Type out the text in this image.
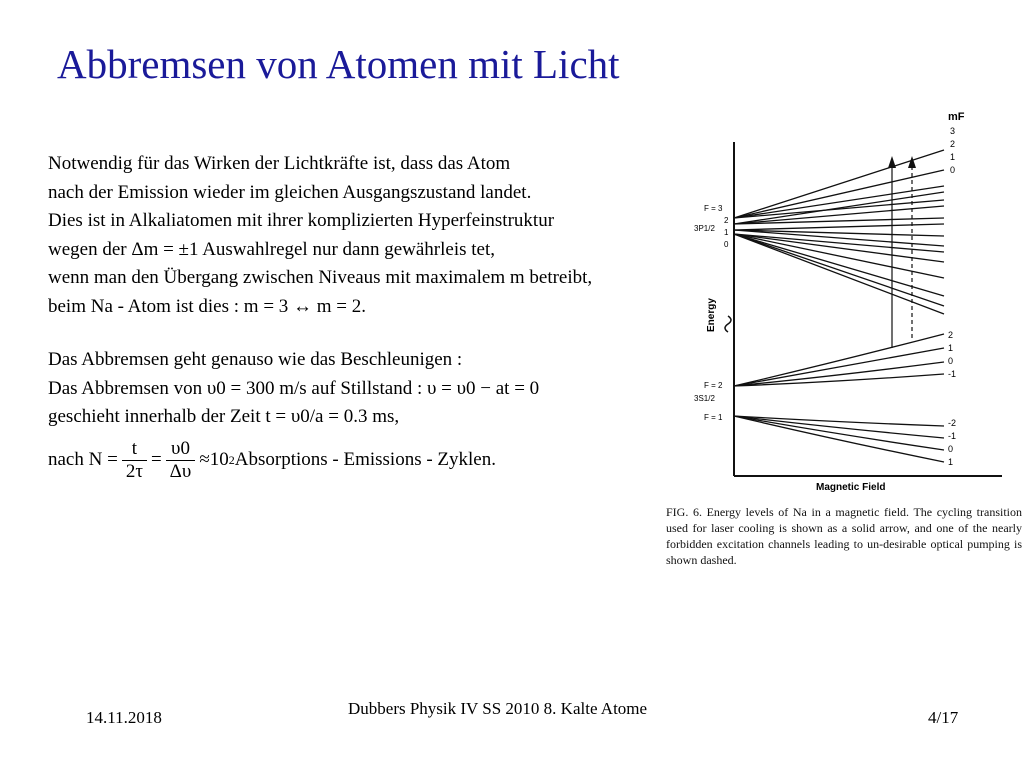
Abbremsen von Atomen mit Licht
Notwendig für das Wirken der Lichtkräfte ist, dass das Atom
nach der Emission wieder im gleichen Ausgangszustand landet.
Dies ist in Alkaliatomen mit ihrer komplizierten Hyperfeinstruktur
wegen der Δm = ±1 Auswahlregel nur dann gewährleis tet,
wenn man den Übergang zwischen Niveaus mit maximalem m betreibt,
beim Na - Atom ist dies : m = 3 ↔ m = 2.
Das Abbremsen geht genauso wie das Beschleunigen :
Das Abbremsen von υ0 = 300 m/s auf Stillstand : υ = υ0 − at = 0
geschieht innerhalb der Zeit t = υ0/a = 0.3 ms,
nach $N = \frac{t}{2\tau} = \frac{\upsilon 0}{\Delta\upsilon} \approx 10$ 2 Absorptions - Emissions - Zyklen.
Energy
Magnetic Field
mF
3
2
1
0
F = 3
3P1/2
2
1
0
2
1
0
-1
F = 2
3S1/2
F = 1
-2
-1
0
1
FIG. 6. Energy levels of Na in a magnetic field. The cycling transition used for laser cooling is shown as a solid arrow, and one of the nearly forbidden excitation channels leading to un-desirable optical pumping is shown dashed.
14.11.2018	Dubbers Physik IV SS 2010 8. Kalte Atome	4/17
